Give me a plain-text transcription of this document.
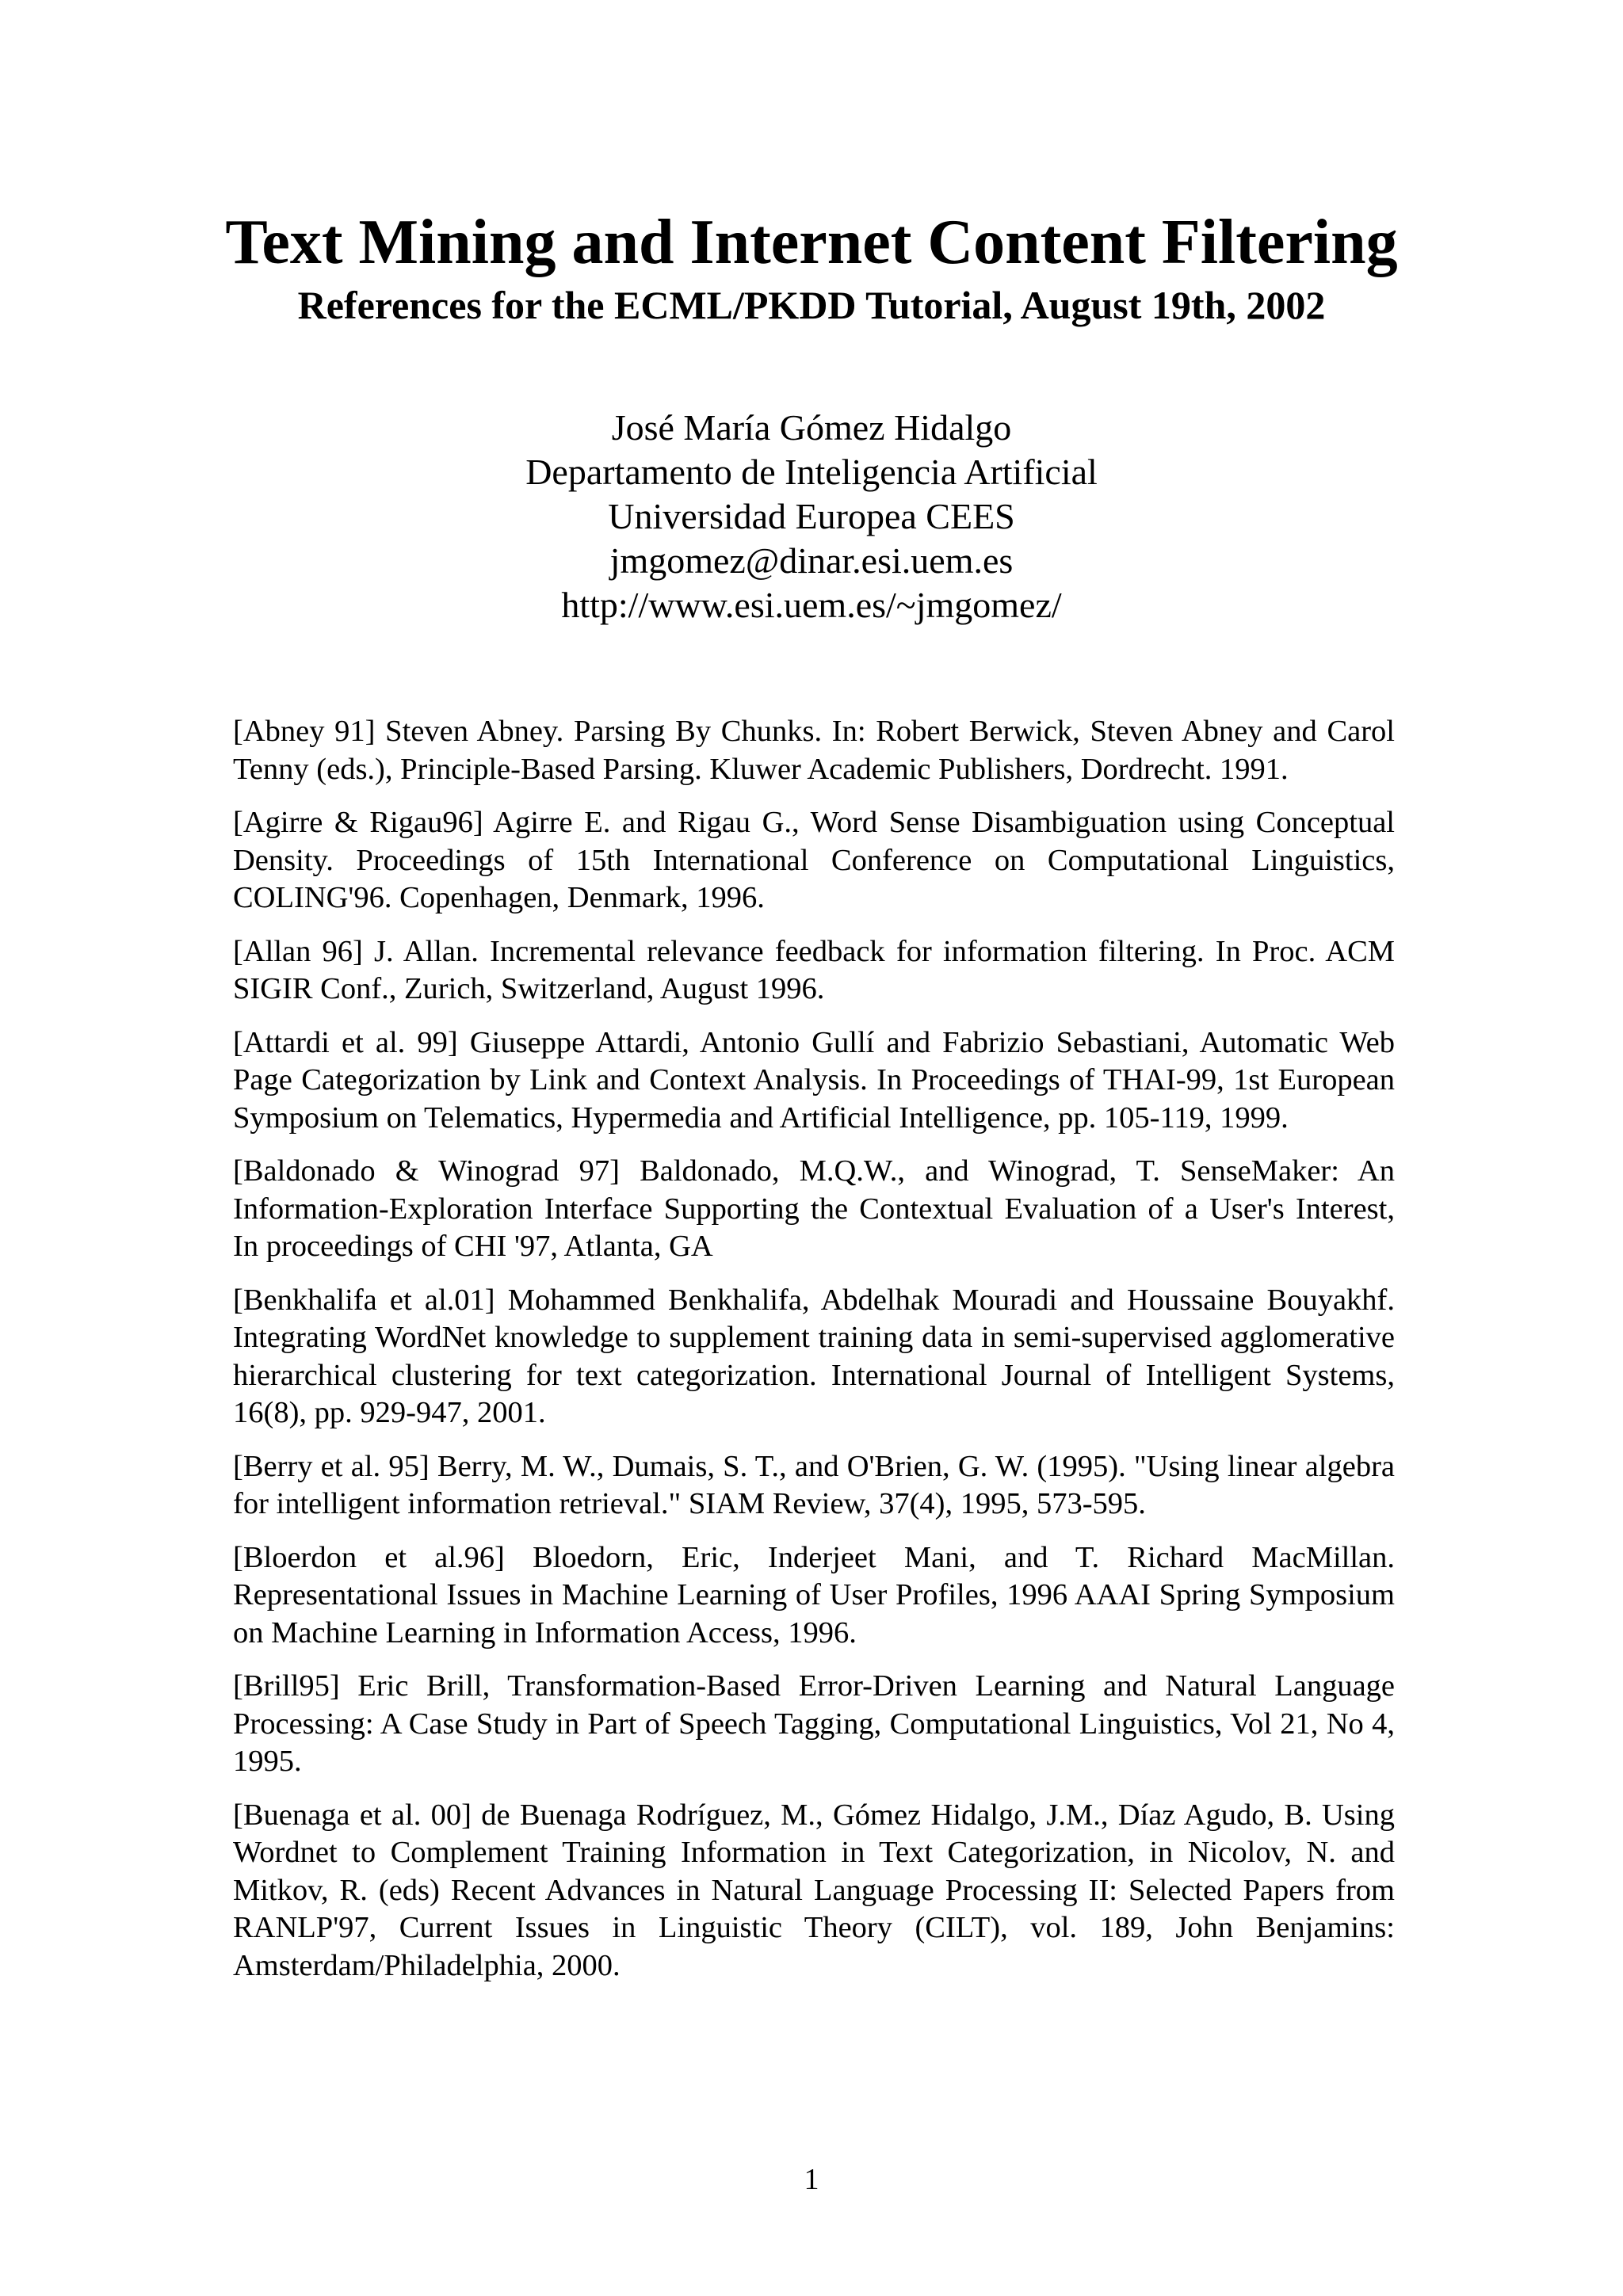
Text Mining and Internet Content Filtering
References for the ECML/PKDD Tutorial, August 19th, 2002
José María Gómez Hidalgo
Departamento de Inteligencia Artificial
Universidad Europea CEES
jmgomez@dinar.esi.uem.es
http://www.esi.uem.es/~jmgomez/

[Abney 91] Steven Abney. Parsing By Chunks. In: Robert Berwick, Steven Abney and Carol Tenny (eds.), Principle-Based Parsing. Kluwer Academic Publishers, Dordrecht. 1991.

[Agirre & Rigau96] Agirre E. and Rigau G., Word Sense Disambiguation using Conceptual Density. Proceedings of 15th International Conference on Computational Linguistics, COLING'96. Copenhagen, Denmark, 1996.

[Allan 96] J. Allan. Incremental relevance feedback for information filtering. In Proc. ACM SIGIR Conf., Zurich, Switzerland, August 1996.

[Attardi et al. 99] Giuseppe Attardi, Antonio Gullí and Fabrizio Sebastiani, Automatic Web Page Categorization by Link and Context Analysis. In Proceedings of THAI-99, 1st European Symposium on Telematics, Hypermedia and Artificial Intelligence, pp. 105-119, 1999.

[Baldonado & Winograd 97] Baldonado, M.Q.W., and Winograd, T. SenseMaker: An Information-Exploration Interface Supporting the Contextual Evaluation of a User's Interest, In proceedings of CHI '97, Atlanta, GA

[Benkhalifa et al.01] Mohammed Benkhalifa, Abdelhak Mouradi and Houssaine Bouyakhf. Integrating WordNet knowledge to supplement training data in semi-supervised agglomerative hierarchical clustering for text categorization. International Journal of Intelligent Systems, 16(8), pp. 929-947, 2001.

[Berry et al. 95] Berry, M. W., Dumais, S. T., and O'Brien, G. W. (1995). "Using linear algebra for intelligent information retrieval." SIAM Review, 37(4), 1995, 573-595.

[Bloerdon et al.96] Bloedorn, Eric, Inderjeet Mani, and T. Richard MacMillan. Representational Issues in Machine Learning of User Profiles, 1996 AAAI Spring Symposium on Machine Learning in Information Access, 1996.

[Brill95] Eric Brill, Transformation-Based Error-Driven Learning and Natural Language Processing: A Case Study in Part of Speech Tagging, Computational Linguistics, Vol 21, No 4, 1995.

[Buenaga et al. 00] de Buenaga Rodríguez, M., Gómez Hidalgo, J.M., Díaz Agudo, B. Using Wordnet to Complement Training Information in Text Categorization, in Nicolov, N. and Mitkov, R. (eds) Recent Advances in Natural Language Processing II: Selected Papers from RANLP'97, Current Issues in Linguistic Theory (CILT), vol. 189, John Benjamins: Amsterdam/Philadelphia, 2000.

1
